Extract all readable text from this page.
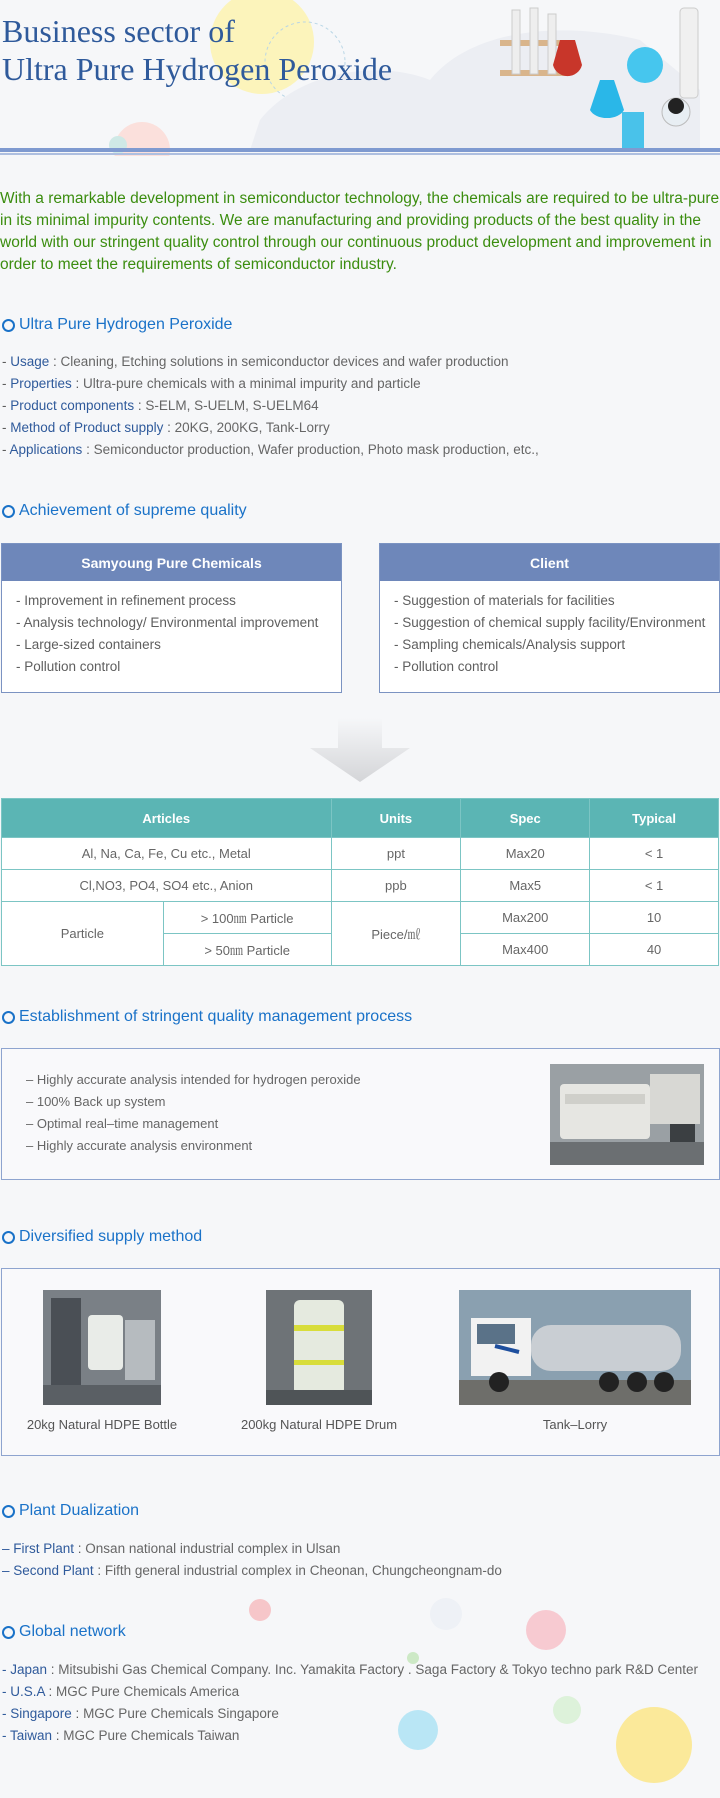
Business sector of
Ultra Pure Hydrogen Peroxide

With a remarkable development in semiconductor technology, the chemicals are required to be ultra-pure in its minimal impurity contents. We are manufacturing and providing products of the best quality in the world with our stringent quality control through our continuous product development and improvement in order to meet the requirements of semiconductor industry.

Ultra Pure Hydrogen Peroxide
- Usage : Cleaning, Etching solutions in semiconductor devices and wafer production
- Properties : Ultra-pure chemicals with a minimal impurity and particle
- Product components : S-ELM, S-UELM, S-UELM64
- Method of Product supply : 20KG, 200KG, Tank-Lorry
- Applications : Semiconductor production, Wafer production, Photo mask production, etc.,
Achievement of supreme quality
Samyoung Pure Chemicals
- Improvement in refinement process
- Analysis technology/ Environmental improvement
- Large-sized containers
- Pollution control
Client
- Suggestion of materials for facilities
- Suggestion of chemical supply facility/Environment
- Sampling chemicals/Analysis support
- Pollution control
Articles		Units	Spec	Typical
Al, Na, Ca, Fe, Cu etc., Metal		ppt	Max20	< 1
Cl,NO3, PO4, SO4 etc., Anion		ppb	Max5	< 1
Particle	> 100㎚ Particle	Piece/㎖	Max200	10
	> 50㎚ Particle		Max400	40
Establishment of stringent quality management process
– Highly accurate analysis intended for hydrogen peroxide
– 100% Back up system
– Optimal real–time management
– Highly accurate analysis environment
Diversified supply method
20kg Natural HDPE Bottle	200kg Natural HDPE Drum	Tank–Lorry
Plant Dualization
– First Plant : Onsan national industrial complex in Ulsan
– Second Plant : Fifth general industrial complex in Cheonan, Chungcheongnam-do
Global network
- Japan : Mitsubishi Gas Chemical Company. Inc. Yamakita Factory . Saga Factory & Tokyo techno park R&D Center
- U.S.A : MGC Pure Chemicals America
- Singapore : MGC Pure Chemicals Singapore
- Taiwan : MGC Pure Chemicals Taiwan
